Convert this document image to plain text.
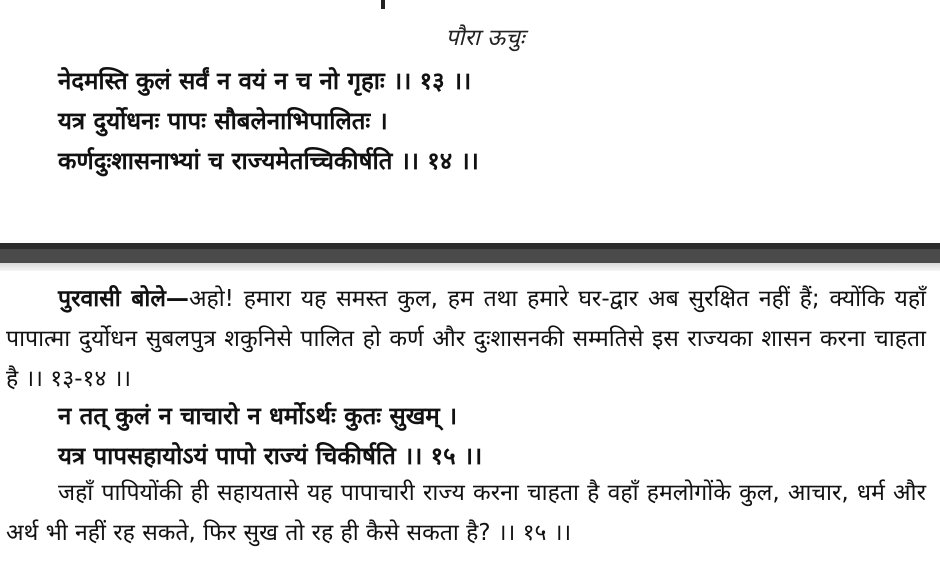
पौरा ऊचुः
नेदमस्ति कुलं सर्वं न वयं न च नो गृहाः ।। १३ ।।
यत्र दुर्योधनः पापः सौबलेनाभिपालितः ।
कर्णदुःशासनाभ्यां च राज्यमेतच्चिकीर्षति ।। १४ ।।
पुरवासी बोले—अहो! हमारा यह समस्त कुल, हम तथा हमारे घर-द्वार अब सुरक्षित नहीं हैं; क्योंकि यहाँ पापात्मा दुर्योधन सुबलपुत्र शकुनिसे पालित हो कर्ण और दुःशासनकी सम्मतिसे इस राज्यका शासन करना चाहता है ।। १३-१४ ।।
न तत् कुलं न चाचारो न धर्मोऽर्थः कुतः सुखम् ।
यत्र पापसहायोऽयं पापो राज्यं चिकीर्षति ।। १५ ।।
जहाँ पापियोंकी ही सहायतासे यह पापाचारी राज्य करना चाहता है वहाँ हमलोगोंके कुल, आचार, धर्म और अर्थ भी नहीं रह सकते, फिर सुख तो रह ही कैसे सकता है? ।। १५ ।।
